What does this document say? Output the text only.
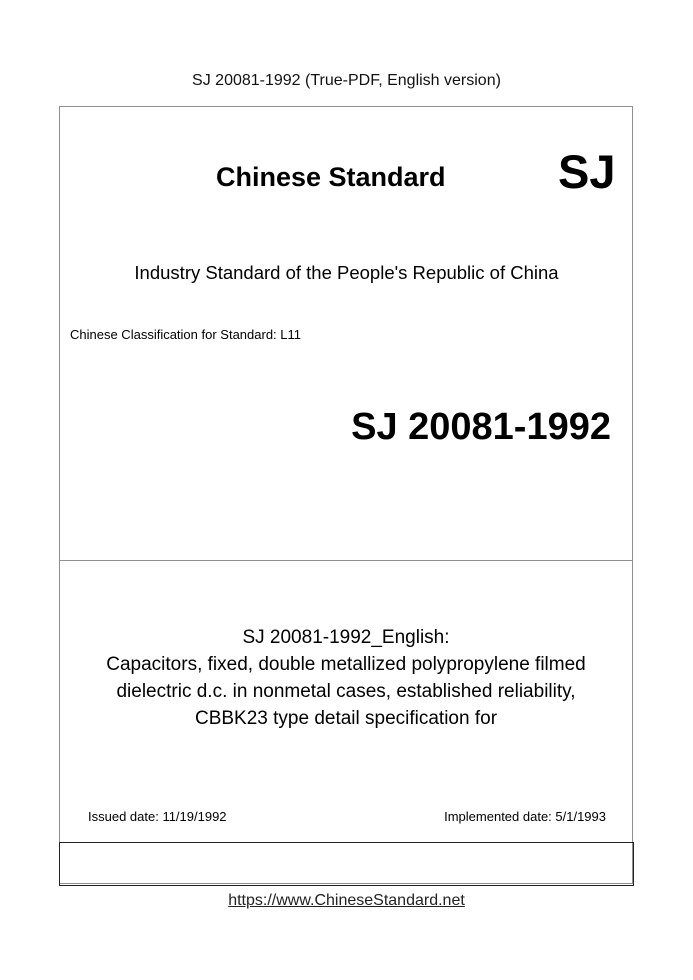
SJ 20081-1992 (True-PDF, English version)
Chinese Standard SJ
Industry Standard of the People's Republic of China
Chinese Classification for Standard: L11
SJ 20081-1992
SJ 20081-1992_English:
Capacitors, fixed, double metallized polypropylene filmed
dielectric d.c. in nonmetal cases, established reliability,
CBBK23 type detail specification for
Issued date: 11/19/1992	Implemented date: 5/1/1993
https://www.ChineseStandard.net
